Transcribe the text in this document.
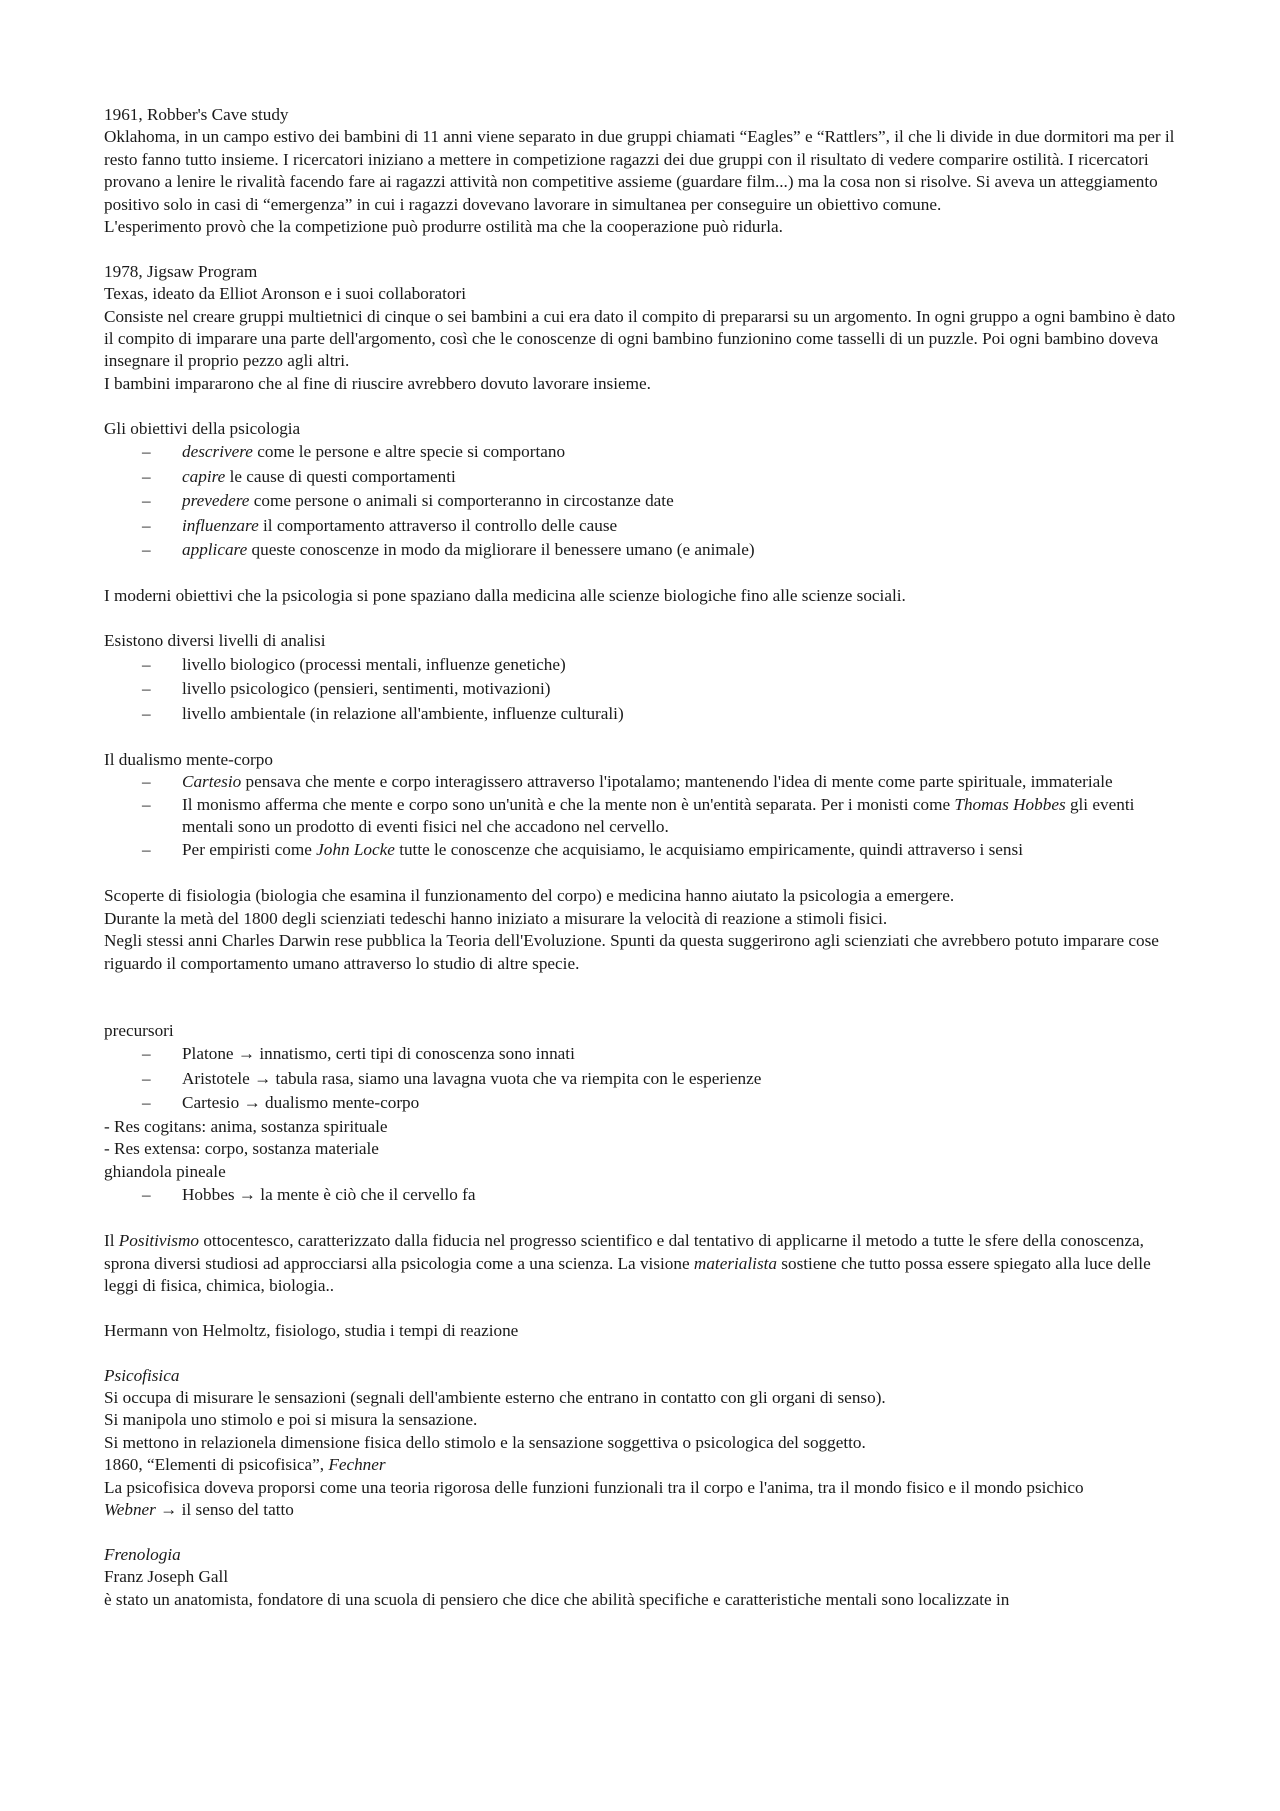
1961, Robber's Cave study

Oklahoma, in un campo estivo dei bambini di 11 anni viene separato in due gruppi chiamati “Eagles” e “Rattlers”, il che li divide in due dormitori ma per il resto fanno tutto insieme. I ricercatori iniziano a mettere in competizione ragazzi dei due gruppi con il risultato di vedere comparire ostilità. I ricercatori provano a lenire le rivalità facendo fare ai ragazzi attività non competitive assieme (guardare film...) ma la cosa non si risolve. Si aveva un atteggiamento positivo solo in casi di “emergenza” in cui i ragazzi dovevano lavorare in simultanea per conseguire un obiettivo comune.

L'esperimento provò che la competizione può produrre ostilità ma che la cooperazione può ridurla.

1978, Jigsaw Program

Texas, ideato da Elliot Aronson e i suoi collaboratori

Consiste nel creare gruppi multietnici di cinque o sei bambini a cui era dato il compito di prepararsi su un argomento. In ogni gruppo a ogni bambino è dato il compito di imparare una parte dell'argomento, così che le conoscenze di ogni bambino funzionino come tasselli di un puzzle. Poi ogni bambino doveva insegnare il proprio pezzo agli altri.

I bambini impararono che al fine di riuscire avrebbero dovuto lavorare insieme.

Gli obiettivi della psicologia

– descrivere come le persone e altre specie si comportano
– capire le cause di questi comportamenti
– prevedere come persone o animali si comporteranno in circostanze date
– influenzare il comportamento attraverso il controllo delle cause
– applicare queste conoscenze in modo da migliorare il benessere umano (e animale)

I moderni obiettivi che la psicologia si pone spaziano dalla medicina alle scienze biologiche fino alle scienze sociali.

Esistono diversi livelli di analisi

– livello biologico (processi mentali, influenze genetiche)
– livello psicologico (pensieri, sentimenti, motivazioni)
– livello ambientale (in relazione all'ambiente, influenze culturali)

Il dualismo mente-corpo

– Cartesio pensava che mente e corpo interagissero attraverso l'ipotalamo; mantenendo l'idea di mente come parte spirituale, immateriale
– Il monismo afferma che mente e corpo sono un'unità e che la mente non è un'entità separata. Per i monisti come Thomas Hobbes gli eventi mentali sono un prodotto di eventi fisici nel che accadono nel cervello.
– Per empiristi come John Locke tutte le conoscenze che acquisiamo, le acquisiamo empiricamente, quindi attraverso i sensi

Scoperte di fisiologia (biologia che esamina il funzionamento del corpo) e medicina hanno aiutato la psicologia a emergere.

Durante la metà del 1800 degli scienziati tedeschi hanno iniziato a misurare la velocità di reazione a stimoli fisici.

Negli stessi anni Charles Darwin rese pubblica la Teoria dell'Evoluzione. Spunti da questa suggerirono agli scienziati che avrebbero potuto imparare cose riguardo il comportamento umano attraverso lo studio di altre specie.

precursori

– Platone → innatismo, certi tipi di conoscenza sono innati
– Aristotele → tabula rasa, siamo una lavagna vuota che va riempita con le esperienze
– Cartesio → dualismo mente-corpo

- Res cogitans: anima, sostanza spirituale

- Res extensa: corpo, sostanza materiale

ghiandola pineale

– Hobbes → la mente è ciò che il cervello fa

Il Positivismo ottocentesco, caratterizzato dalla fiducia nel progresso scientifico e dal tentativo di applicarne il metodo a tutte le sfere della conoscenza, sprona diversi studiosi ad approcciarsi alla psicologia come a una scienza. La visione materialista sostiene che tutto possa essere spiegato alla luce delle leggi di fisica, chimica, biologia..

Hermann von Helmoltz, fisiologo, studia i tempi di reazione

Psicofisica

Si occupa di misurare le sensazioni (segnali dell'ambiente esterno che entrano in contatto con gli organi di senso).

Si manipola uno stimolo e poi si misura la sensazione.

Si mettono in relazionela dimensione fisica dello stimolo e la sensazione soggettiva o psicologica del soggetto.

1860, “Elementi di psicofisica”, Fechner

La psicofisica doveva proporsi come una teoria rigorosa delle funzioni funzionali tra il corpo e l'anima, tra il mondo fisico e il mondo psichico

Webner → il senso del tatto

Frenologia

Franz Joseph Gall

è stato un anatomista, fondatore di una scuola di pensiero che dice che abilità specifiche e caratteristiche mentali sono localizzate in
